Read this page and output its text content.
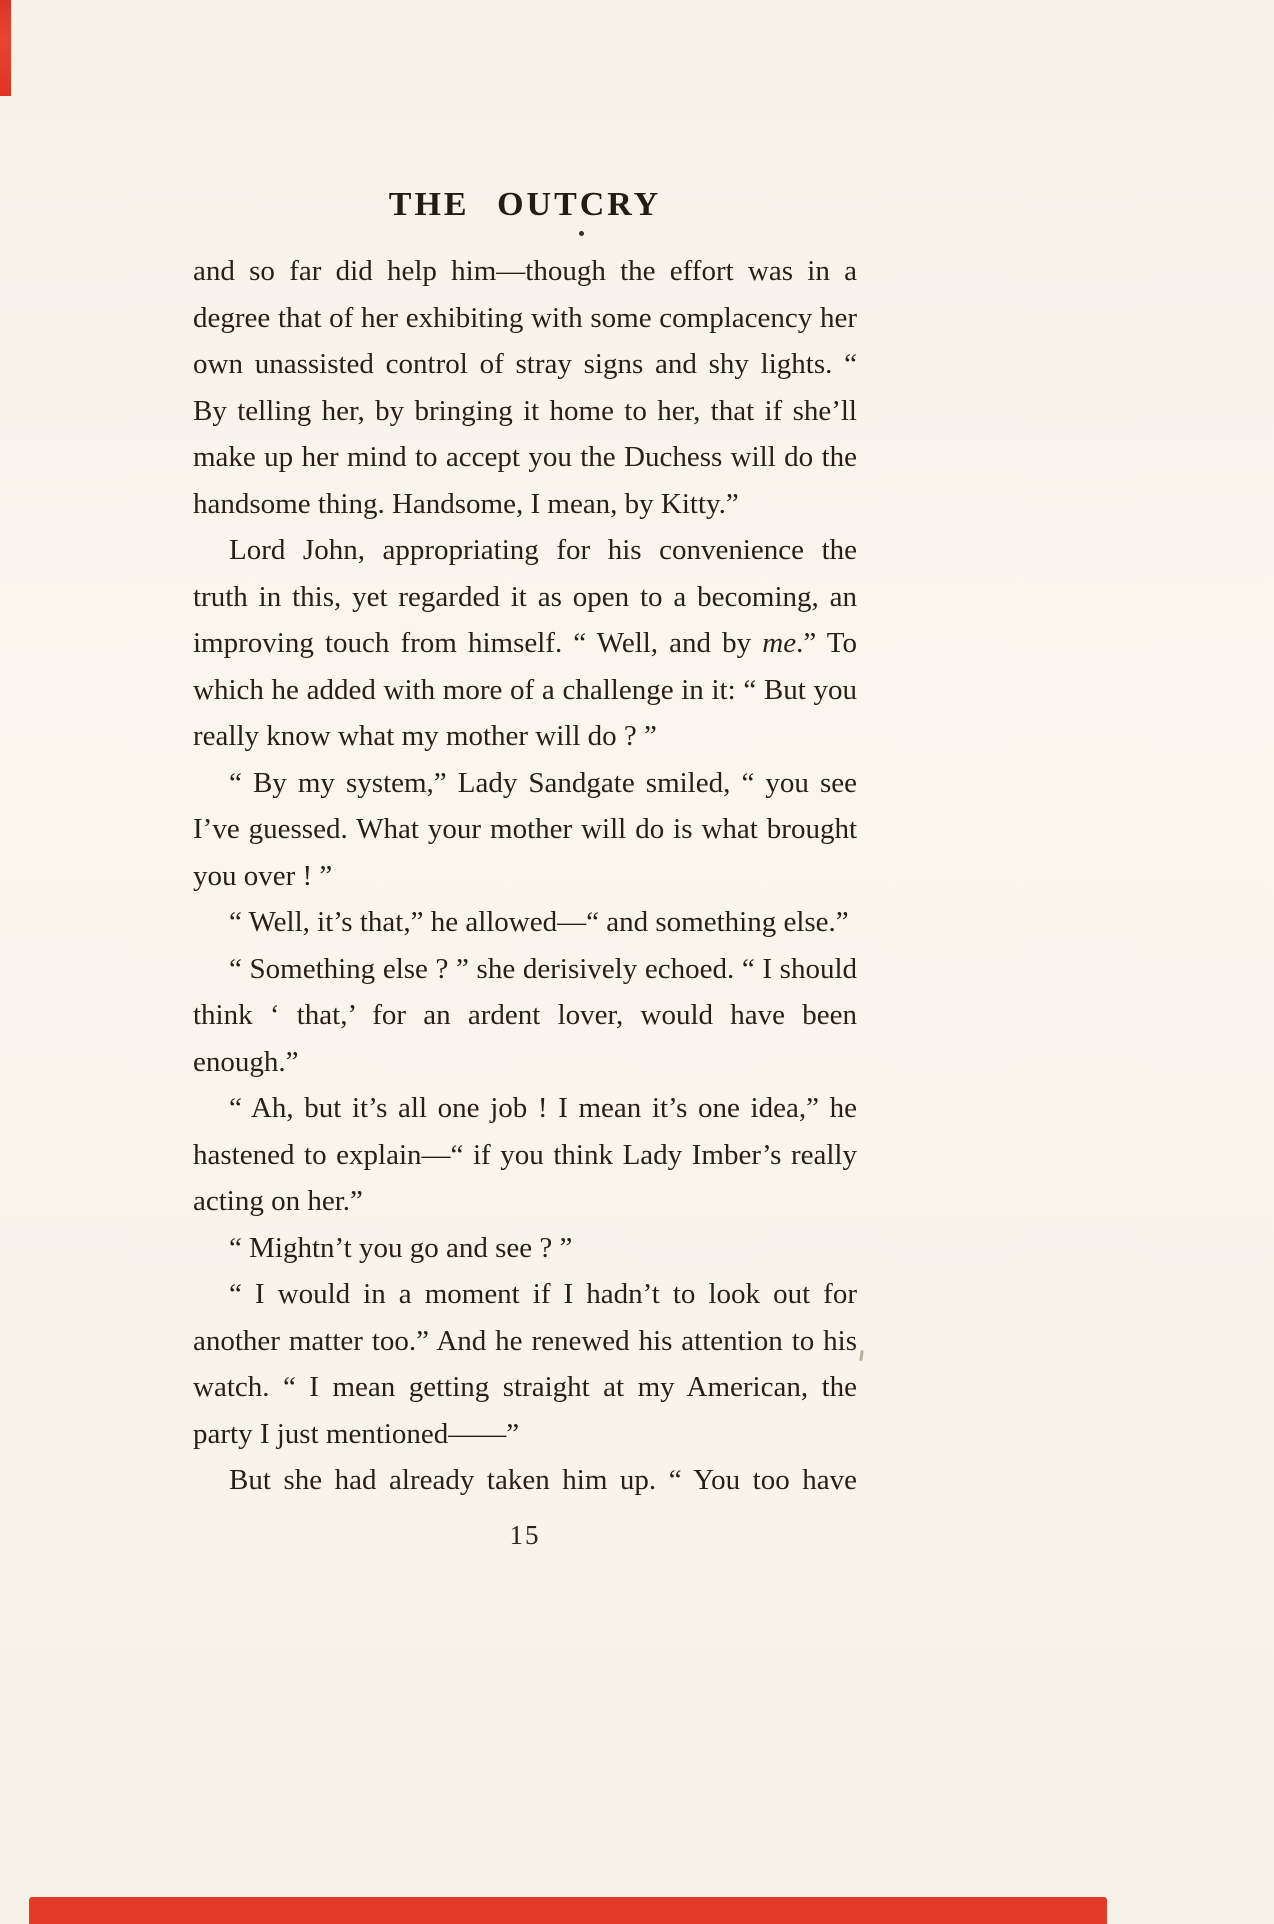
THE OUTCRY

and so far did help him—though the effort was in a degree that of her exhibiting with some complacency her own unassisted control of stray signs and shy lights. “ By telling her, by bringing it home to her, that if she’ll make up her mind to accept you the Duchess will do the handsome thing. Handsome, I mean, by Kitty.”

Lord John, appropriating for his convenience the truth in this, yet regarded it as open to a becoming, an improving touch from himself. “ Well, and by me.” To which he added with more of a challenge in it: “ But you really know what my mother will do ? ”

“ By my system,” Lady Sandgate smiled, “ you see I’ve guessed. What your mother will do is what brought you over ! ”

“ Well, it’s that,” he allowed—“ and something else.”

“ Something else ? ” she derisively echoed. “ I should think ‘ that,’ for an ardent lover, would have been enough.”

“ Ah, but it’s all one job ! I mean it’s one idea,” he hastened to explain—“ if you think Lady Imber’s really acting on her.”

“ Mightn’t you go and see ? ”

“ I would in a moment if I hadn’t to look out for another matter too.” And he renewed his attention to his watch. “ I mean getting straight at my American, the party I just mentioned——”

But she had already taken him up. “ You too have

15
